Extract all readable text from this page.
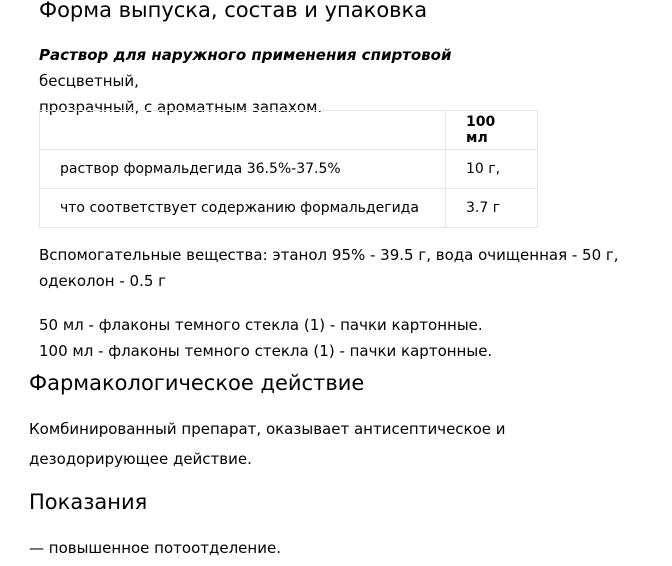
Форма выпуска, состав и упаковка

Раствор для наружного применения спиртовой бесцветный,
прозрачный, с ароматным запахом.

	100 мл
раствор формальдегида 36.5%-37.5%	10 г,
что соответствует содержанию формальдегида	3.7 г

Вспомогательные вещества: этанол 95% - 39.5 г, вода очищенная - 50 г,
одеколон - 0.5 г

50 мл - флаконы темного стекла (1) - пачки картонные.
100 мл - флаконы темного стекла (1) - пачки картонные.

Фармакологическое действие

Комбинированный препарат, оказывает антисептическое и
дезодорирующее действие.

Показания

— повышенное потоотделение.
